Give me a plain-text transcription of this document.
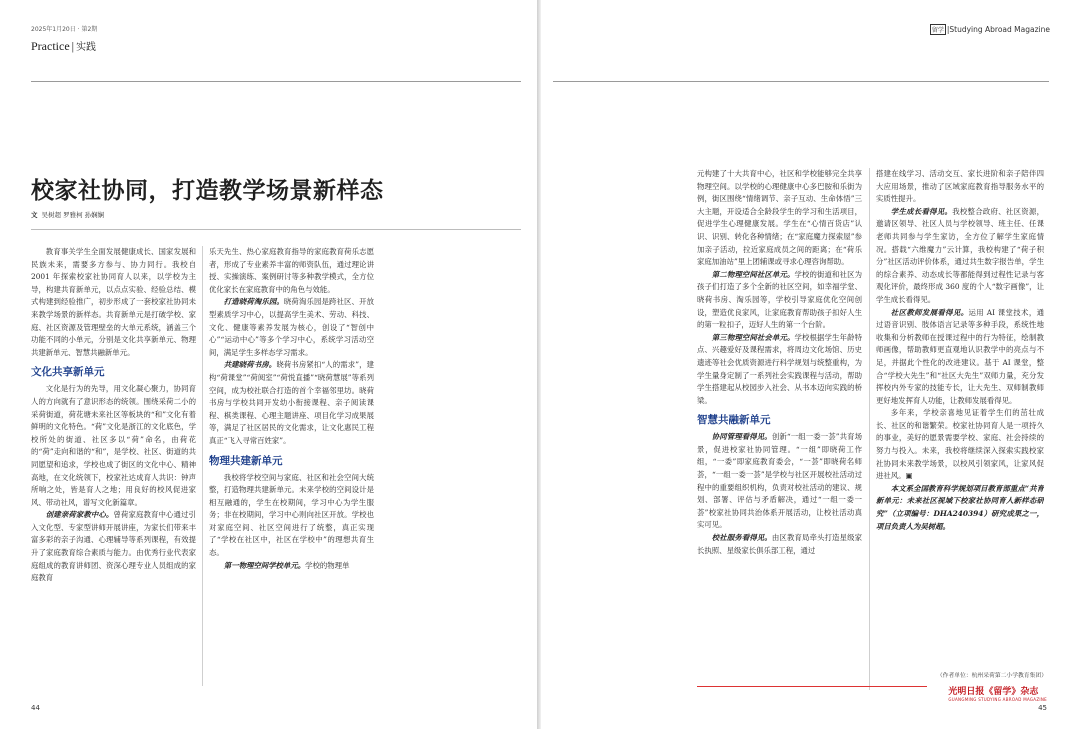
2025年1月20日 · 第2期
Practice | 实践
校家社协同，打造教学场景新样态
文 吴树超 罗雅柯 孙娴娴

教育事关学生全面发展健康成长、国家发展和民族未来，需要多方参与、协力同行。我校自 2001 年探索校家社协同育人以来，以学校为主导，构建共育新单元，以点点实验、经验总结、模式构建到经验推广，初步形成了一套校家社协同未来教学场景的新样态。共育新单元是打破学校、家庭、社区资源及管理壁垒的大单元系统，涵盖三个功能不同的小单元，分别是文化共享新单元、物理共建新单元、智慧共融新单元。

文化共享新单元

文化是行为的先导，用文化凝心聚力，协同育人的方向就有了意识形态的统领。围绕采荷二小的采荷街道，荷花塘未来社区等板块的“和”文化有着鲜明的文化特色。“荷”文化是浙江的文化底色，学校所处的街道、社区多以“荷”命名，由荷花的“荷”走向和谐的“和”，是学校、社区、街道的共同愿望和追求，学校也成了街区的文化中心、精神高地，在文化统领下，校家社达成育人共识：钟声所响之处，皆是育人之地；用良好的校风促进家风、带动社风，谱写文化新篇章。

创建亲荷家教中心。曾荷家庭教育中心通过引入文化型、专家型讲师开展讲座，为家长们带来丰富多彩的亲子沟通、心理辅导等系列课程，有效提升了家庭教育综合素质与能力。由优秀行业代表家庭组成的教育讲师团、资深心理专业人员组成的家庭教育

乐天先生、热心家庭教育指导的家庭教育荷乐志愿者，形成了专业素养丰富的师资队伍，通过理论讲授、实操演练、案例研讨等多种教学模式，全方位优化家长在家庭教育中的角色与效能。

打造晓荷淘乐园。晓荷淘乐园是跨社区、开放型素质学习中心，以提高学生美术、劳动、科技、文化、健康等素养发展为核心，创设了“智创中心”“运动中心”等多个学习中心，系统学习活动空间，满足学生多样态学习需求。

共建晓荷书房。晓荷书房紧扣“人的需求”，建构“荷课堂”“荷阅室”“荷悦直播”“晓荷慧展”等系列空间，成为校社联合打造的首个幸福邻里坊。晓荷书房与学校共同开发幼小衔接课程、亲子阅读课程、棋类课程、心理主题讲座、项目化学习成果展等，满足了社区居民的文化需求，让文化惠民工程真正“飞入寻常百姓家”。

物理共建新单元

我校将学校空间与家庭、社区和社会空间大统整，打造物理共建新单元。未来学校的空间设计是相互融通的，学生在校期间，学习中心为学生服务；非在校期间，学习中心则向社区开放。学校也对家庭空间、社区空间进行了统整，真正实现了“学校在社区中，社区在学校中”的理想共育生态。

第一物理空间学校单元。学校的物理单

44
留学 |Studying Abroad Magazine
45

元构建了十大共育中心，社区和学校能够完全共享物理空间。以学校的心理健康中心多巴胺和乐街为例，街区围绕“情绪调节、亲子互动、生命体悟”三大主题，开设适合全龄段学生的学习和生活项目，促进学生心理健康发展。学生在“心情百货店”认识、识别、转化各种情绪；在“家庭魔力探索屋”参加亲子活动，拉近家庭成员之间的距离；在“荷乐家庭加油站”里上团辅课或寻求心理咨询帮助。

第二物理空间社区单元。学校的街道和社区为孩子们打造了多个全新的社区空间，如幸福学堂、晓荷书房、淘乐园等，学校引导家庭优化空间创设，塑造优良家风，让家庭教育帮助孩子扣好人生的第一粒扣子，迈好人生的第一个台阶。

第三物理空间社会单元。学校根据学生年龄特点、兴趣爱好及课程需求，将周边文化场馆、历史遗迹等社会优质资源进行科学规划与统整重构，为学生量身定制了一系列社会实践课程与活动，帮助学生搭建起从校园步入社会、从书本迈向实践的桥梁。

智慧共融新单元

协同管理看得见。创新“一组一委一荟”共育场景，促进校家社协同管理。“一组”即晓荷工作组，“一委”即家庭教育委会，“一荟”即晓荷名师荟，“一组一委一荟”是学校与社区开展校社活动过程中的重要组织机构，负责对校社活动的建议、规划、部署、评估与矛盾解决，通过“一组一委一荟”校家社协同共治体系开展活动，让校社活动真实可见。

校社服务看得见。由区教育局牵头打造星级家长执照、星级家长俱乐部工程，通过

搭建在线学习、活动交互、家长进阶和亲子陪伴四大应用场景，推动了区域家庭教育指导服务水平的实质性提升。

学生成长看得见。我校整合政府、社区资源，邀请区领导、社区人员与学校领导、班主任、任课老师共同参与学生家访，全方位了解学生家庭情况。搭载“六维魔力”云计算，我校构建了“荷子积分”社区活动评价体系，通过共生数字报告单，学生的综合素养、动态成长等都能得到过程性记录与客观化评价，最终形成 360 度的个人“数字画像”，让学生成长看得见。

社区教师发展看得见。运用 AI 课堂技术，通过语音识别、肢体语言记录等多种手段，系统性地收集和分析教师在授课过程中的行为特征，绘制教师画像，帮助教师更直观地认识教学中的亮点与不足，并据此个性化的改进建议。基于 AI 课堂，整合“学校大先生”和“社区大先生”双师力量，充分发挥校内外专家的技能专长，让大先生、双师制教师更好地发挥育人功能，让教师发展看得见。

多年来，学校亲喜地见证着学生们的茁壮成长、社区的和谐繁荣。校家社协同育人是一项持久的事业，美好的愿景需要学校、家庭、社会持续的努力与投入。未来，我校将继续深入探索实践校家社协同未来教学场景，以校风引领家风，让家风促进社风。▣

本文系全国教育科学规划项目教育部重点“共育新单元：未来社区视域下校家社协同育人新样态研究”（立项编号：DHA240394）研究成果之一，项目负责人为吴树超。

（作者单位：杭州采荷第二小学教育集团）
光明日报《留学》杂志
GUANGMING STUDYING ABROAD MAGAZINE
